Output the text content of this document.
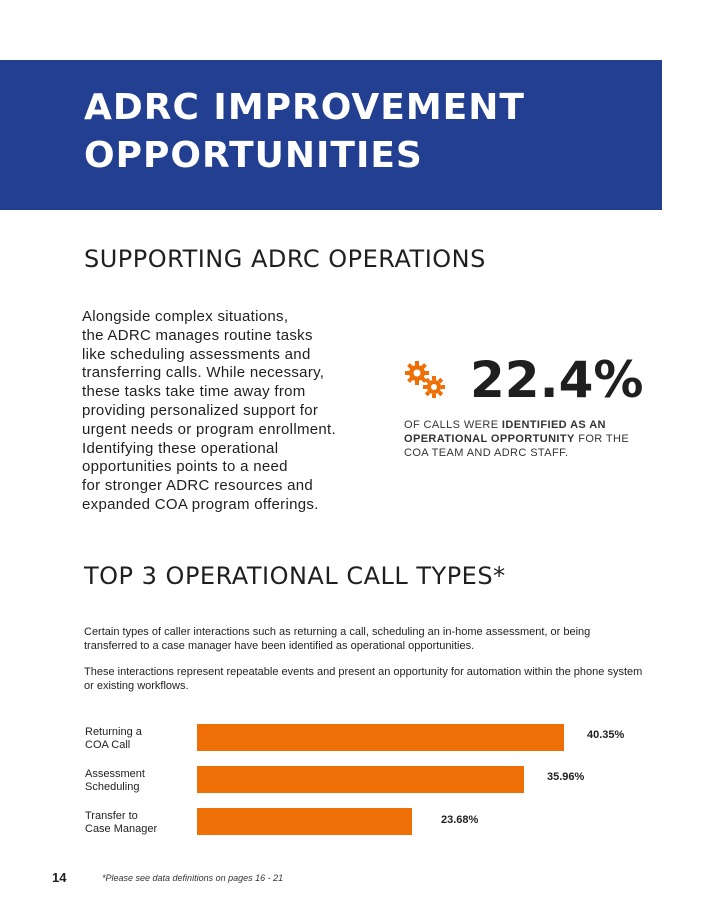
ADRC IMPROVEMENT OPPORTUNITIES
SUPPORTING ADRC OPERATIONS
Alongside complex situations,
the ADRC manages routine tasks
like scheduling assessments and
transferring calls. While necessary,
these tasks take time away from
providing personalized support for
urgent needs or program enrollment.
Identifying these operational
opportunities points to a need
for stronger ADRC resources and
expanded COA program offerings.
22.4%
OF CALLS WERE IDENTIFIED AS AN OPERATIONAL OPPORTUNITY FOR THE COA TEAM AND ADRC STAFF.
TOP 3 OPERATIONAL CALL TYPES*

Certain types of caller interactions such as returning a call, scheduling an in-home assessment, or being transferred to a case manager have been identified as operational opportunities.

These interactions represent repeatable events and present an opportunity for automation within the phone system or existing workflows.

Returning a
COA Call
40.35%
Assessment
Scheduling
35.96%
Transfer to
Case Manager
23.68%
14	*Please see data definitions on pages 16 - 21
